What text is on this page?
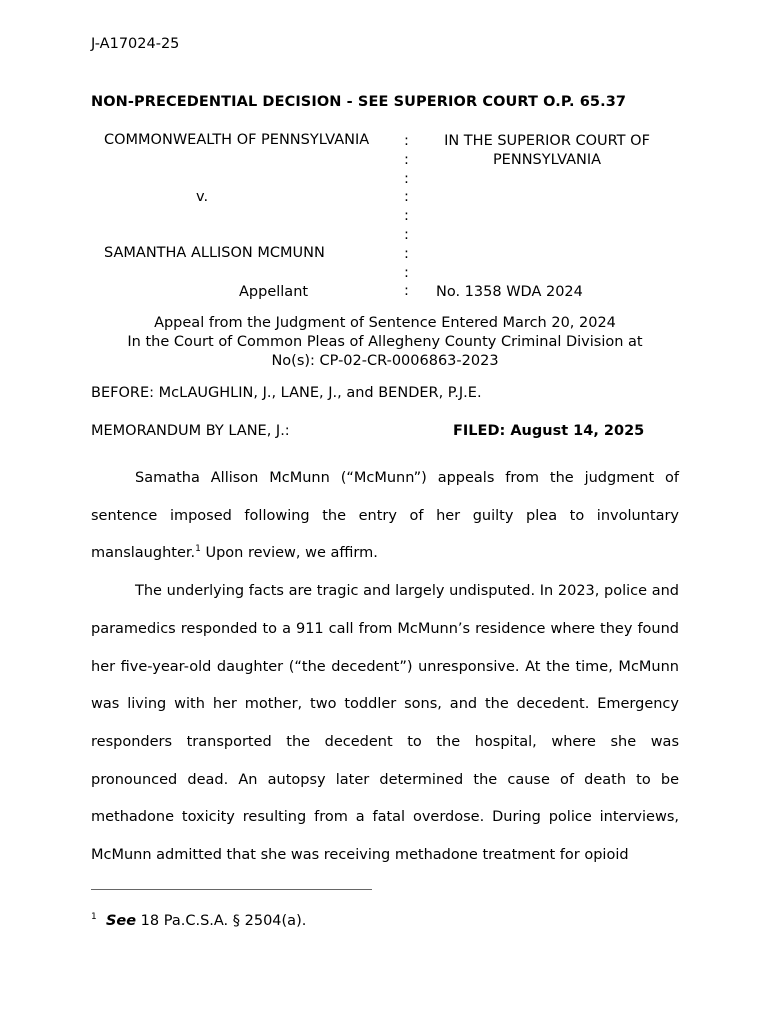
J-A17024-25
NON-PRECEDENTIAL DECISION - SEE SUPERIOR COURT O.P. 65.37
COMMONWEALTH OF PENNSYLVANIA
v.
SAMANTHA ALLISON MCMUNN
Appellant
:
:
:
:
:
:
:
:
:
IN THE SUPERIOR COURT OF
PENNSYLVANIA
No. 1358 WDA 2024
Appeal from the Judgment of Sentence Entered March 20, 2024
In the Court of Common Pleas of Allegheny County Criminal Division at
No(s): CP-02-CR-0006863-2023
BEFORE: McLAUGHLIN, J., LANE, J., and BENDER, P.J.E.
MEMORANDUM BY LANE, J.:	FILED: August 14, 2025

Samatha Allison McMunn (“McMunn”) appeals from the judgment of sentence imposed following the entry of her guilty plea to involuntary manslaughter.$^1$ Upon review, we affirm.

The underlying facts are tragic and largely undisputed. In 2023, police and paramedics responded to a 911 call from McMunn’s residence where they found her five-year-old daughter (“the decedent”) unresponsive. At the time, McMunn was living with her mother, two toddler sons, and the decedent. Emergency responders transported the decedent to the hospital, where she was pronounced dead. An autopsy later determined the cause of death to be methadone toxicity resulting from a fatal overdose. During police interviews, McMunn admitted that she was receiving methadone treatment for opioid

$^1$ See 18 Pa.C.S.A. § 2504(a).
